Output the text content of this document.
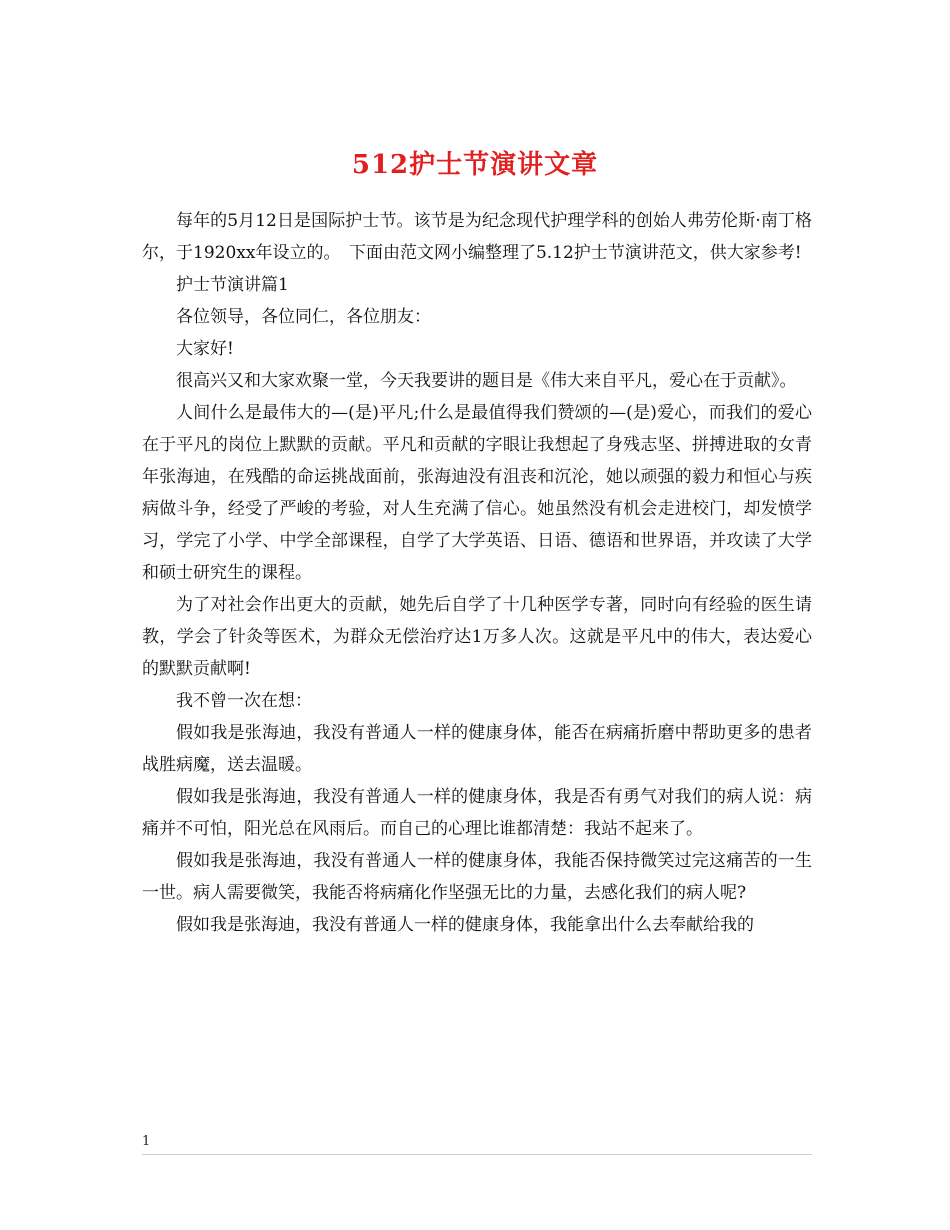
512护士节演讲文章

每年的5月12日是国际护士节。该节是为纪念现代护理学科的创始人弗劳伦斯·南丁格尔，于1920xx年设立的。　下面由范文网小编整理了5.12护士节演讲范文，供大家参考!

护士节演讲篇1

各位领导，各位同仁，各位朋友：

大家好!

很高兴又和大家欢聚一堂，今天我要讲的题目是《伟大来自平凡，爱心在于贡献》。

人间什么是最伟大的—(是)平凡;什么是最值得我们赞颂的—(是)爱心，而我们的爱心在于平凡的岗位上默默的贡献。平凡和贡献的字眼让我想起了身残志坚、拼搏进取的女青年张海迪，在残酷的命运挑战面前，张海迪没有沮丧和沉沦，她以顽强的毅力和恒心与疾病做斗争，经受了严峻的考验，对人生充满了信心。她虽然没有机会走进校门，却发愤学习，学完了小学、中学全部课程，自学了大学英语、日语、德语和世界语，并攻读了大学和硕士研究生的课程。

为了对社会作出更大的贡献，她先后自学了十几种医学专著，同时向有经验的医生请教，学会了针灸等医术，为群众无偿治疗达1万多人次。这就是平凡中的伟大，表达爱心的默默贡献啊!

我不曾一次在想：

假如我是张海迪，我没有普通人一样的健康身体，能否在病痛折磨中帮助更多的患者战胜病魔，送去温暖。

假如我是张海迪，我没有普通人一样的健康身体，我是否有勇气对我们的病人说：病痛并不可怕，阳光总在风雨后。而自己的心理比谁都清楚：我站不起来了。

假如我是张海迪，我没有普通人一样的健康身体，我能否保持微笑过完这痛苦的一生一世。病人需要微笑，我能否将病痛化作坚强无比的力量，去感化我们的病人呢?

假如我是张海迪，我没有普通人一样的健康身体，我能拿出什么去奉献给我的

1
